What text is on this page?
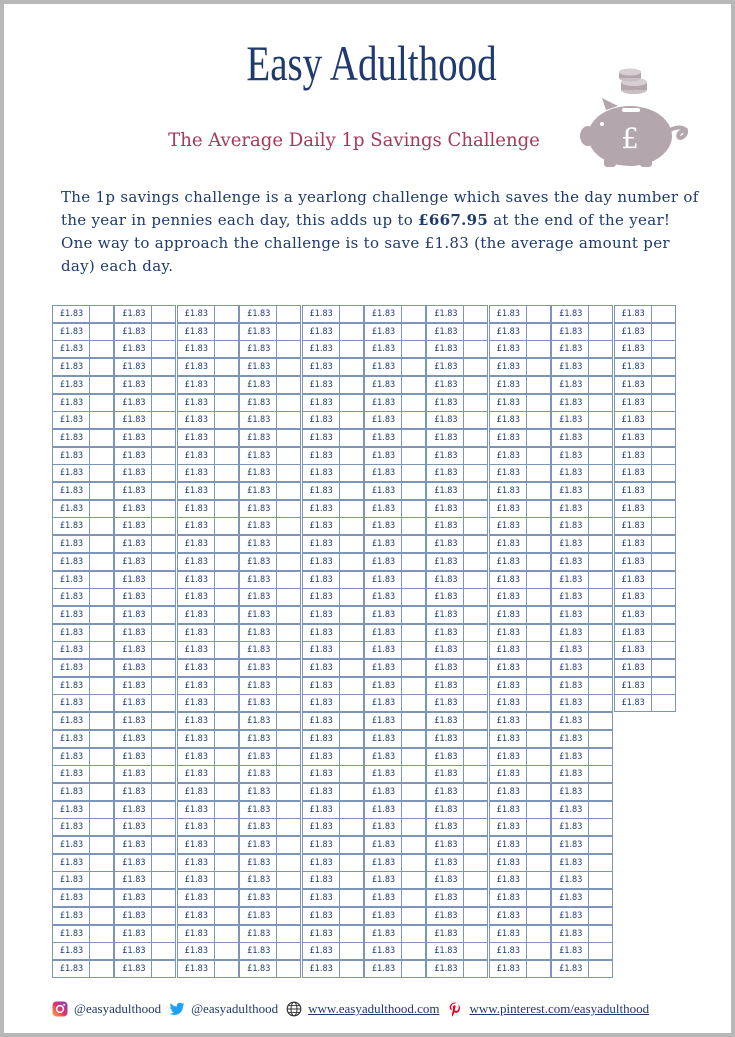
Easy Adulthood
The Average Daily 1p Savings Challenge	£
The 1p savings challenge is a yearlong challenge which saves the day number of the year in pennies each day, this adds up to £667.95 at the end of the year! One way to approach the challenge is to save £1.83 (the average amount per day) each day.
£1.83
£1.83
£1.83
£1.83
£1.83
£1.83
£1.83
£1.83
£1.83
£1.83
£1.83
£1.83
£1.83
£1.83
£1.83
£1.83
£1.83
£1.83
£1.83
£1.83
£1.83
£1.83
£1.83
£1.83
£1.83
£1.83
£1.83
£1.83
£1.83
£1.83
£1.83
£1.83
£1.83
£1.83
£1.83
£1.83
£1.83
£1.83
£1.83
£1.83
£1.83
£1.83
£1.83
£1.83
£1.83
£1.83
£1.83
£1.83
£1.83
£1.83
£1.83
£1.83
£1.83
£1.83
£1.83
£1.83
£1.83
£1.83
£1.83
£1.83
£1.83
£1.83
£1.83
£1.83
£1.83
£1.83
£1.83
£1.83
£1.83
£1.83
£1.83
£1.83
£1.83
£1.83
£1.83
£1.83
£1.83
£1.83
£1.83
£1.83
£1.83
£1.83
£1.83
£1.83
£1.83
£1.83
£1.83
£1.83
£1.83
£1.83
£1.83
£1.83
£1.83
£1.83
£1.83
£1.83
£1.83
£1.83
£1.83
£1.83
£1.83
£1.83
£1.83
£1.83
£1.83
£1.83
£1.83
£1.83
£1.83
£1.83
£1.83
£1.83
£1.83
£1.83
£1.83
£1.83
£1.83
£1.83
£1.83
£1.83
£1.83
£1.83
£1.83
£1.83
£1.83
£1.83
£1.83
£1.83
£1.83
£1.83
£1.83
£1.83
£1.83
£1.83
£1.83
£1.83
£1.83
£1.83
£1.83
£1.83
£1.83
£1.83
£1.83
£1.83
£1.83
£1.83
£1.83
£1.83
£1.83
£1.83
£1.83
£1.83
£1.83
£1.83
£1.83
£1.83
£1.83
£1.83
£1.83
£1.83
£1.83
£1.83
£1.83
£1.83
£1.83
£1.83
£1.83
£1.83
£1.83
£1.83
£1.83
£1.83
£1.83
£1.83
£1.83
£1.83
£1.83
£1.83
£1.83
£1.83
£1.83
£1.83
£1.83
£1.83
£1.83
£1.83
£1.83
£1.83
£1.83
£1.83
£1.83
£1.83
£1.83
£1.83
£1.83
£1.83
£1.83
£1.83
£1.83
£1.83
£1.83
£1.83
£1.83
£1.83
£1.83
£1.83
£1.83
£1.83
£1.83
£1.83
£1.83
£1.83
£1.83
£1.83
£1.83
£1.83
£1.83
£1.83
£1.83
£1.83
£1.83
£1.83
£1.83
£1.83
£1.83
£1.83
£1.83
£1.83
£1.83
£1.83
£1.83
£1.83
£1.83
£1.83
£1.83
£1.83
£1.83
£1.83
£1.83
£1.83
£1.83
£1.83
£1.83
£1.83
£1.83
£1.83
£1.83
£1.83
£1.83
£1.83
£1.83
£1.83
£1.83
£1.83
£1.83
£1.83
£1.83
£1.83
£1.83
£1.83
£1.83
£1.83
£1.83
£1.83
£1.83
£1.83
£1.83
£1.83
£1.83
£1.83
£1.83
£1.83
£1.83
£1.83
£1.83
£1.83
£1.83
£1.83
£1.83
£1.83
£1.83
£1.83
£1.83
£1.83
£1.83
£1.83
£1.83
£1.83
£1.83
£1.83
£1.83
£1.83
£1.83
£1.83
£1.83
£1.83
£1.83
£1.83
£1.83
£1.83
£1.83
£1.83
£1.83
£1.83
£1.83
£1.83
£1.83
£1.83
£1.83
£1.83
£1.83
£1.83
£1.83
£1.83
£1.83
£1.83
£1.83
£1.83
£1.83
£1.83
£1.83
£1.83
£1.83
£1.83
£1.83
£1.83
£1.83
£1.83
£1.83
£1.83
£1.83
£1.83
£1.83
£1.83
£1.83
£1.83
£1.83
£1.83
£1.83
£1.83
£1.83
£1.83
£1.83
£1.83
£1.83
£1.83
£1.83
£1.83
£1.83
£1.83
£1.83
£1.83
£1.83
£1.83
£1.83
£1.83
£1.83
£1.83
£1.83
£1.83
£1.83
£1.83
£1.83
£1.83
£1.83
@easyadulthood @easyadulthood www.easyadulthood.com www.pinterest.com/easyadulthood
